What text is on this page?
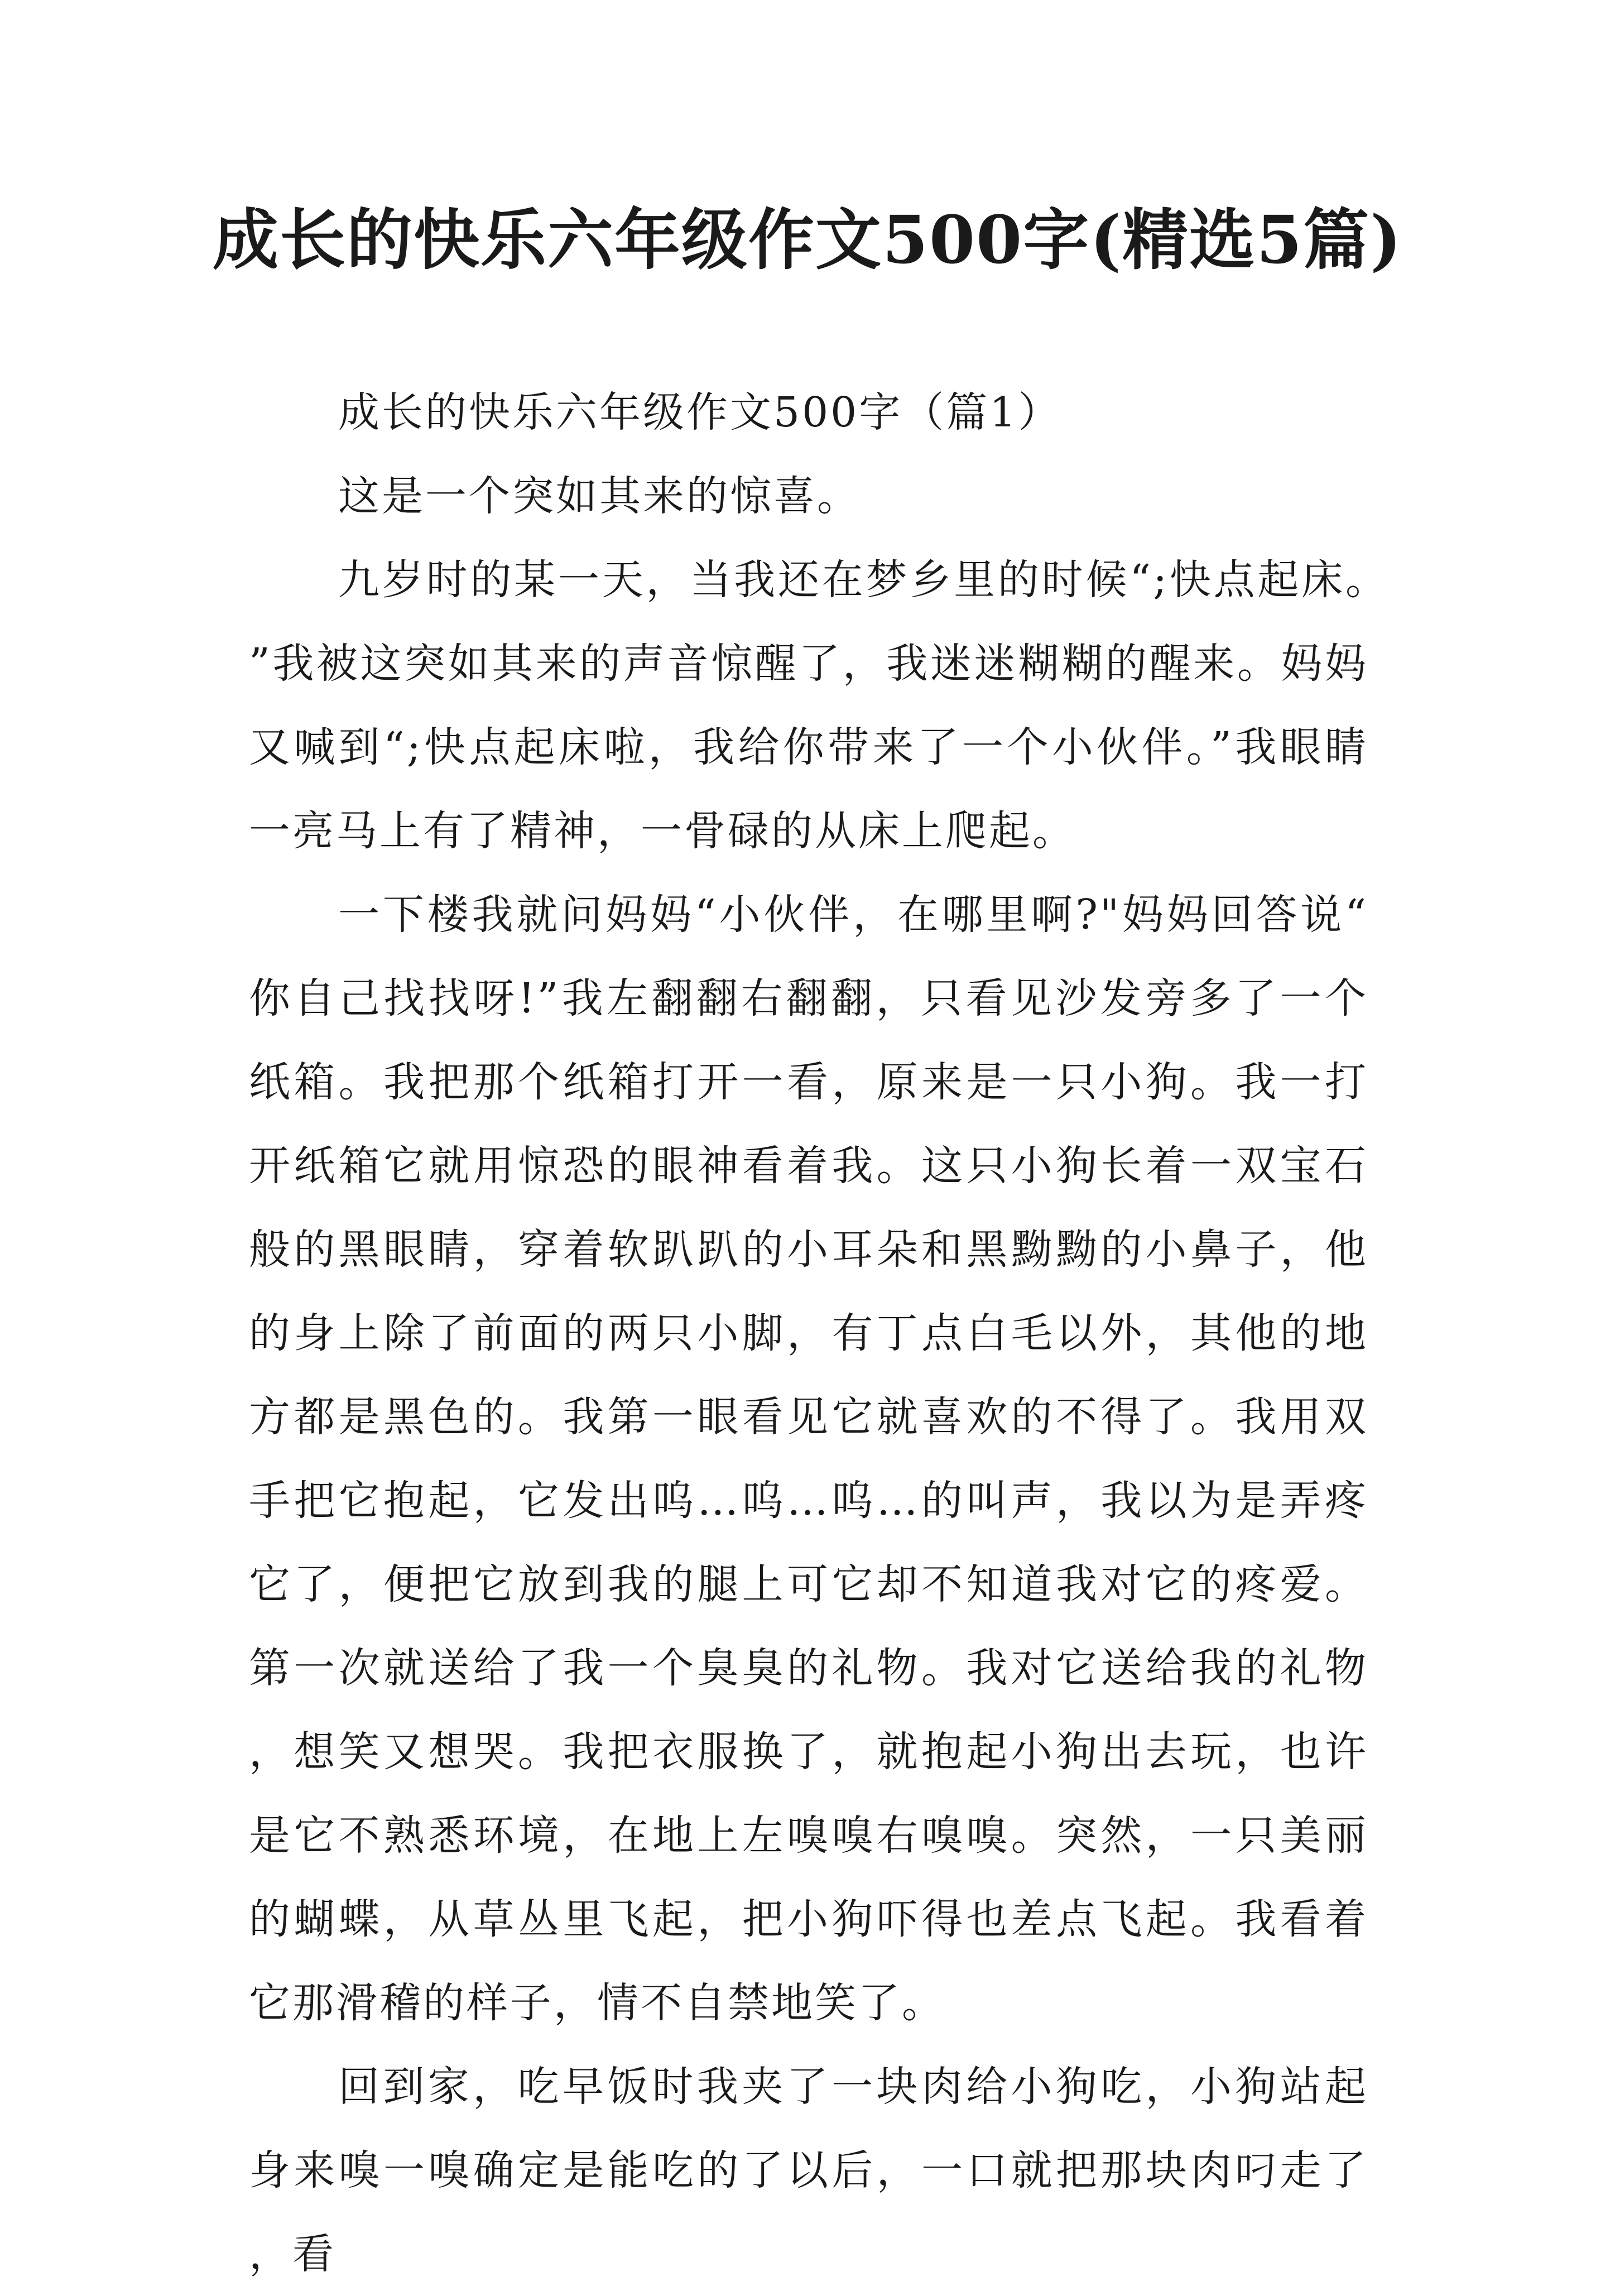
成长的快乐六年级作文500字(精选5篇)

成长的快乐六年级作文500字（篇1）

这是一个突如其来的惊喜。

九岁时的某一天，当我还在梦乡里的时候“;快点起床。”我被这突如其来的声音惊醒了，我迷迷糊糊的醒来。妈妈又喊到“;快点起床啦，我给你带来了一个小伙伴。”我眼睛一亮马上有了精神，一骨碌的从床上爬起。

一下楼我就问妈妈“小伙伴，在哪里啊?"妈妈回答说“你自己找找呀!”我左翻翻右翻翻，只看见沙发旁多了一个纸箱。我把那个纸箱打开一看，原来是一只小狗。我一打开纸箱它就用惊恐的眼神看着我。这只小狗长着一双宝石般的黑眼睛，穿着软趴趴的小耳朵和黑黝黝的小鼻子，他的身上除了前面的两只小脚，有丁点白毛以外，其他的地方都是黑色的。我第一眼看见它就喜欢的不得了。我用双手把它抱起，它发出呜…呜…呜…的叫声，我以为是弄疼它了，便把它放到我的腿上可它却不知道我对它的疼爱。第一次就送给了我一个臭臭的礼物。我对它送给我的礼物，想笑又想哭。我把衣服换了，就抱起小狗出去玩，也许是它不熟悉环境，在地上左嗅嗅右嗅嗅。突然，一只美丽的蝴蝶，从草丛里飞起，把小狗吓得也差点飞起。我看着它那滑稽的样子，情不自禁地笑了。

回到家，吃早饭时我夹了一块肉给小狗吃，小狗站起身来嗅一嗅确定是能吃的了以后，一口就把那块肉叼走了，看
